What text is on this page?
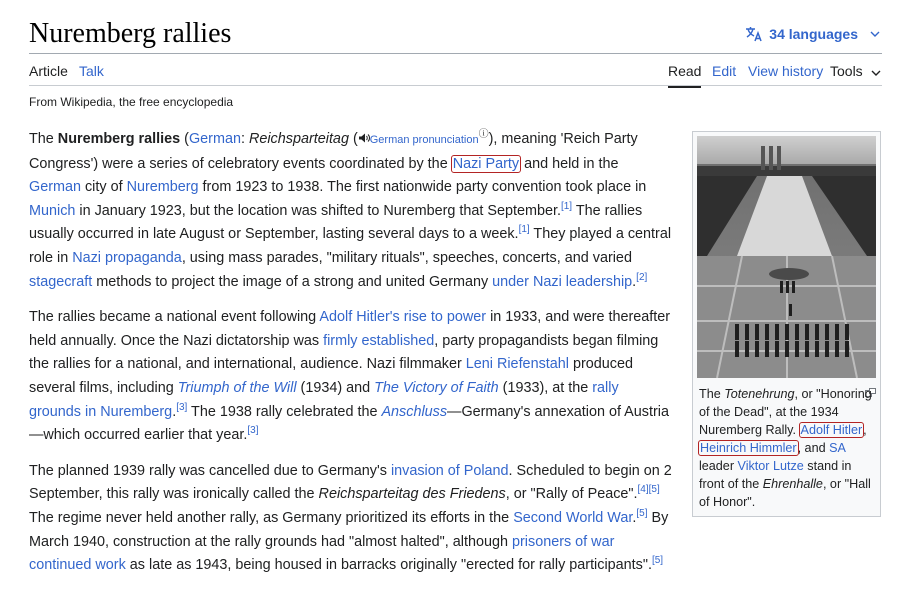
Nuremberg rallies	34 languages
Article Talk	Read Edit View history Tools
From Wikipedia, the free encyclopedia

The Nuremberg rallies (German: Reichsparteitag ( German pronunciationⓘ), meaning 'Reich Party Congress') were a series of celebratory events coordinated by the Nazi Party and held in the German city of Nuremberg from 1923 to 1938. The first nationwide party convention took place in Munich in January 1923, but the location was shifted to Nuremberg that September.[1] The rallies usually occurred in late August or September, lasting several days to a week.[1] They played a central role in Nazi propaganda, using mass parades, "military rituals", speeches, concerts, and varied stagecraft methods to project the image of a strong and united Germany under Nazi leadership.[2]

The rallies became a national event following Adolf Hitler's rise to power in 1933, and were thereafter held annually. Once the Nazi dictatorship was firmly established, party propagandists began filming the rallies for a national, and international, audience. Nazi filmmaker Leni Riefenstahl produced several films, including Triumph of the Will (1934) and The Victory of Faith (1933), at the rally grounds in Nuremberg.[3] The 1938 rally celebrated the Anschluss—Germany's annexation of Austria—which occurred earlier that year.[3]

The planned 1939 rally was cancelled due to Germany's invasion of Poland. Scheduled to begin on 2 September, this rally was ironically called the Reichsparteitag des Friedens, or "Rally of Peace".[4][5] The regime never held another rally, as Germany prioritized its efforts in the Second World War.[5] By March 1940, construction at the rally grounds had "almost halted", although prisoners of war continued work as late as 1943, being housed in barracks originally "erected for rally participants".[5]

The Totenehrung, or "Honoring of the Dead", at the 1934 Nuremberg Rally. Adolf Hitler, Heinrich Himmler, and SA leader Viktor Lutze stand in front of the Ehrenhalle, or "Hall of Honor".
